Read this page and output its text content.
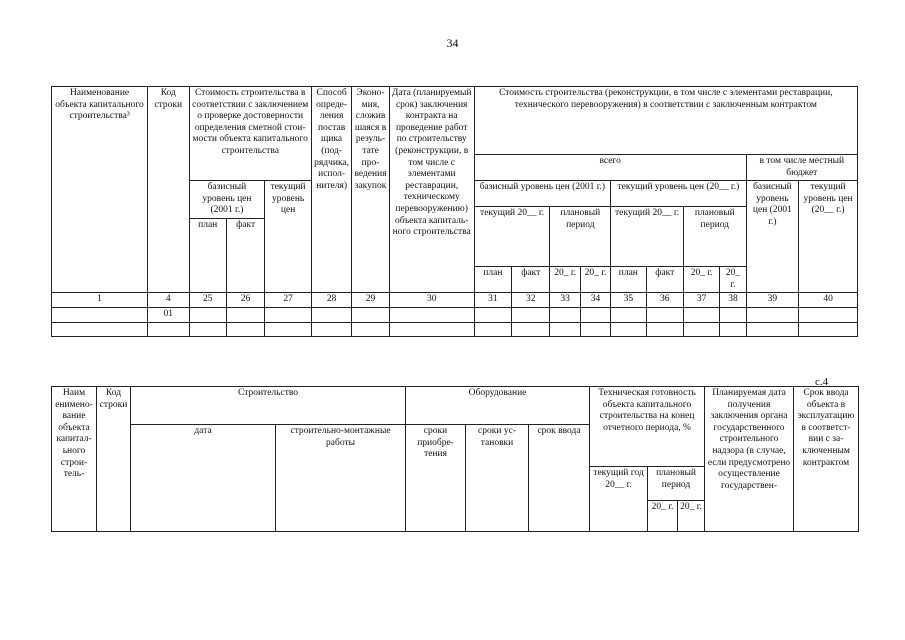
34
Наименование объекта капитального строительства³	Код строки	Стоимость строительства в соответствии с заключением о проверке достоверности определения сметной стоимости объекта капитального строительства			Способ определения постав щика (подрядчика, исполнителя)	Экономия, сложив шаяся в результате проведения закупок	Дата (планируемый срок) заключения контракта на проведение работ по строительству (реконструкции, в том числе с элементами реставрации, техническому перевооружению) объекта капитального строительства	Стоимость строительства (реконструкции, в том числе с элементами реставрации, технического перевооружения) в соответствии с заключенным контрактом									
								всего								в том числе местный бюджет	
		базисный уровень цен (2001 г.)		текущий уровень цен				базисный уровень цен (2001 г.)				текущий уровень цен (20__ г.)				базисный уровень цен (2001 г.)	текущий уровень цен (20__ г.)
								текущий 20__ г.		плановый период		текущий 20__ г.		плановый период			
		план	факт														
								план	факт	20_ г.	20_ г.	план	факт	20_ г.	20_ г.		
1	4	25	26	27	28	29	30	31	32	33	34	35	36	37	38	39	40
	01																

с.4
Наим енименование объекта капитального строитель-	Код строки	Строительство		Оборудование			Техническая готовность объекта капитального строительства на конец отчетного периода, %			Планируемая дата получения заключения органа государственного строительного надзора (в случае, если предусмотрено осуществление государствен-	Срок ввода объекта в эксплуатацию в соответствии с заключенным контрактом
		дата	строительно-монтажные работы	сроки приобретения	сроки установки	срок ввода					
							текущий год 20__ г.	плановый период			
								20_ г.	20_ г.		
